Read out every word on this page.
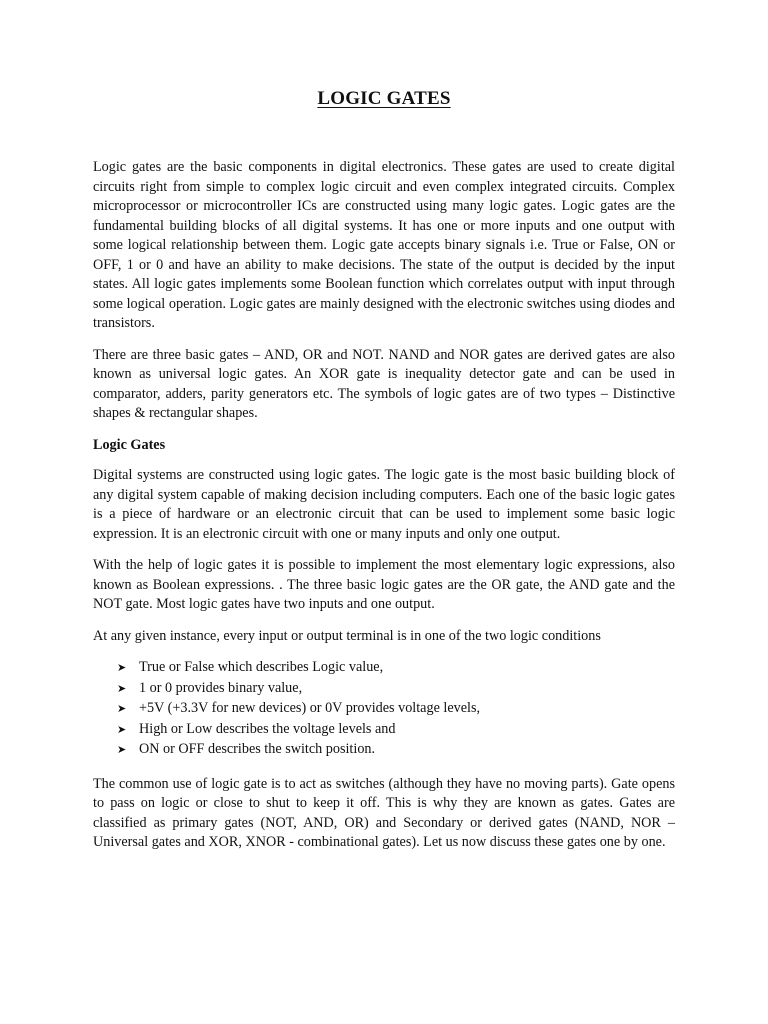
LOGIC GATES

Logic gates are the basic components in digital electronics. These gates are used to create digital circuits right from simple to complex logic circuit and even complex integrated circuits. Complex microprocessor or microcontroller ICs are constructed using many logic gates. Logic gates are the fundamental building blocks of all digital systems. It has one or more inputs and one output with some logical relationship between them. Logic gate accepts binary signals i.e. True or False, ON or OFF, 1 or 0 and have an ability to make decisions. The state of the output is decided by the input states. All logic gates implements some Boolean function which correlates output with input through some logical operation. Logic gates are mainly designed with the electronic switches using diodes and transistors.

There are three basic gates – AND, OR and NOT. NAND and NOR gates are derived gates are also known as universal logic gates. An XOR gate is inequality detector gate and can be used in comparator, adders, parity generators etc. The symbols of logic gates are of two types – Distinctive shapes & rectangular shapes.

Logic Gates

Digital systems are constructed using logic gates. The logic gate is the most basic building block of any digital system capable of making decision including computers. Each one of the basic logic gates is a piece of hardware or an electronic circuit that can be used to implement some basic logic expression. It is an electronic circuit with one or many inputs and only one output.

With the help of logic gates it is possible to implement the most elementary logic expressions, also known as Boolean expressions. . The three basic logic gates are the OR gate, the AND gate and the NOT gate. Most logic gates have two inputs and one output.

At any given instance, every input or output terminal is in one of the two logic conditions

➤ True or False which describes Logic value,
➤ 1 or 0 provides binary value,
➤ +5V (+3.3V for new devices) or 0V provides voltage levels,
➤ High or Low describes the voltage levels and
➤ ON or OFF describes the switch position.

The common use of logic gate is to act as switches (although they have no moving parts). Gate opens to pass on logic or close to shut to keep it off. This is why they are known as gates. Gates are classified as primary gates (NOT, AND, OR) and Secondary or derived gates (NAND, NOR – Universal gates and XOR, XNOR - combinational gates). Let us now discuss these gates one by one.
